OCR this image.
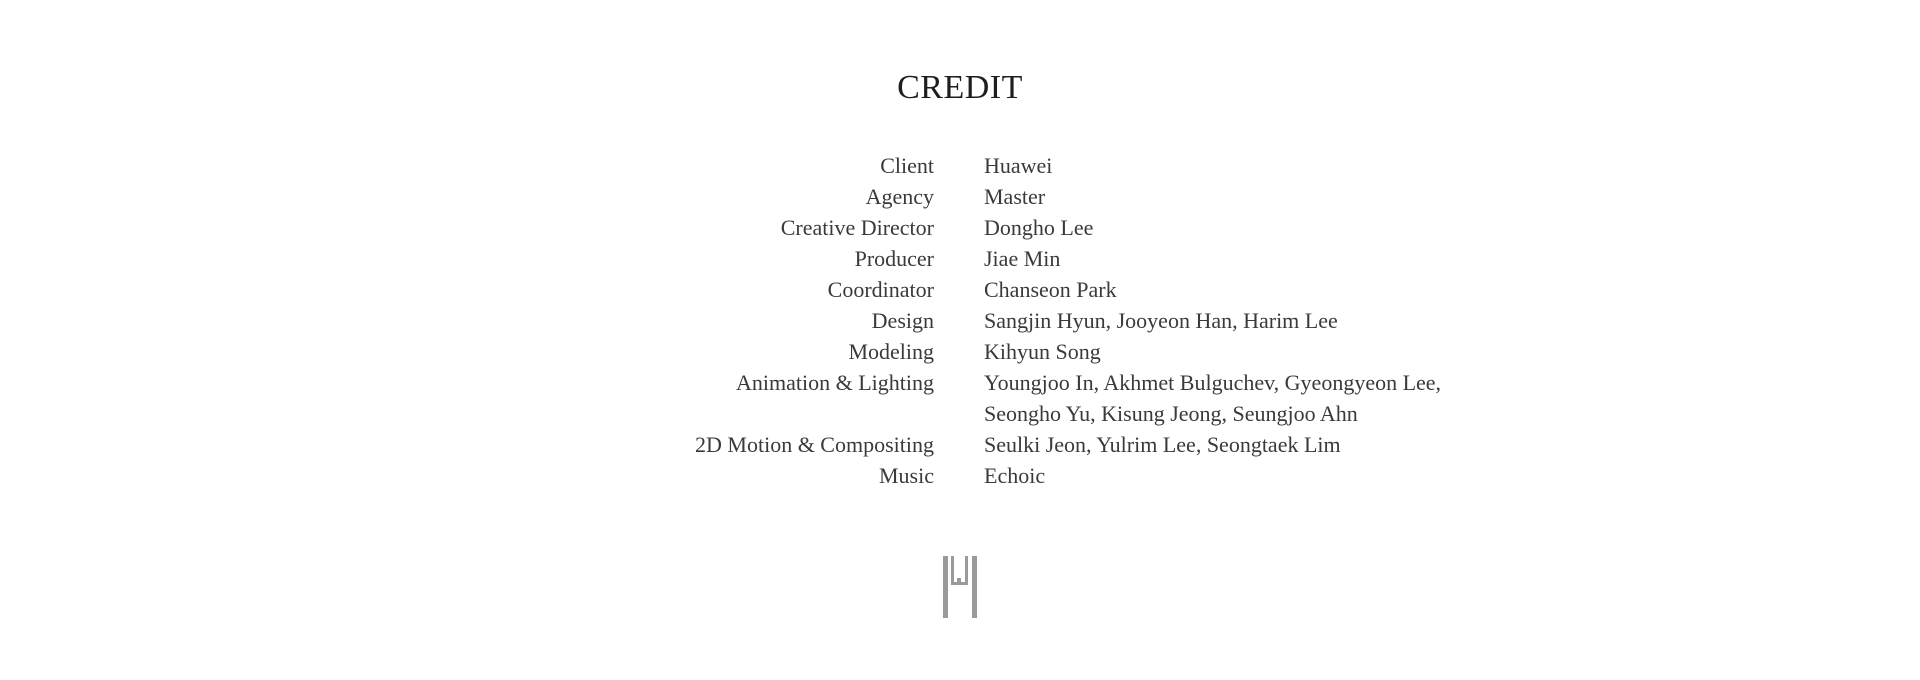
CREDIT
Client Huawei
Agency Master
Creative Director Dongho Lee
Producer Jiae Min
Coordinator Chanseon Park
Design Sangjin Hyun, Jooyeon Han, Harim Lee
Modeling Kihyun Song
Animation & Lighting Youngjoo In, Akhmet Bulguchev, Gyeongyeon Lee,
Seongho Yu, Kisung Jeong, Seungjoo Ahn
2D Motion & Compositing Seulki Jeon, Yulrim Lee, Seongtaek Lim
Music Echoic
